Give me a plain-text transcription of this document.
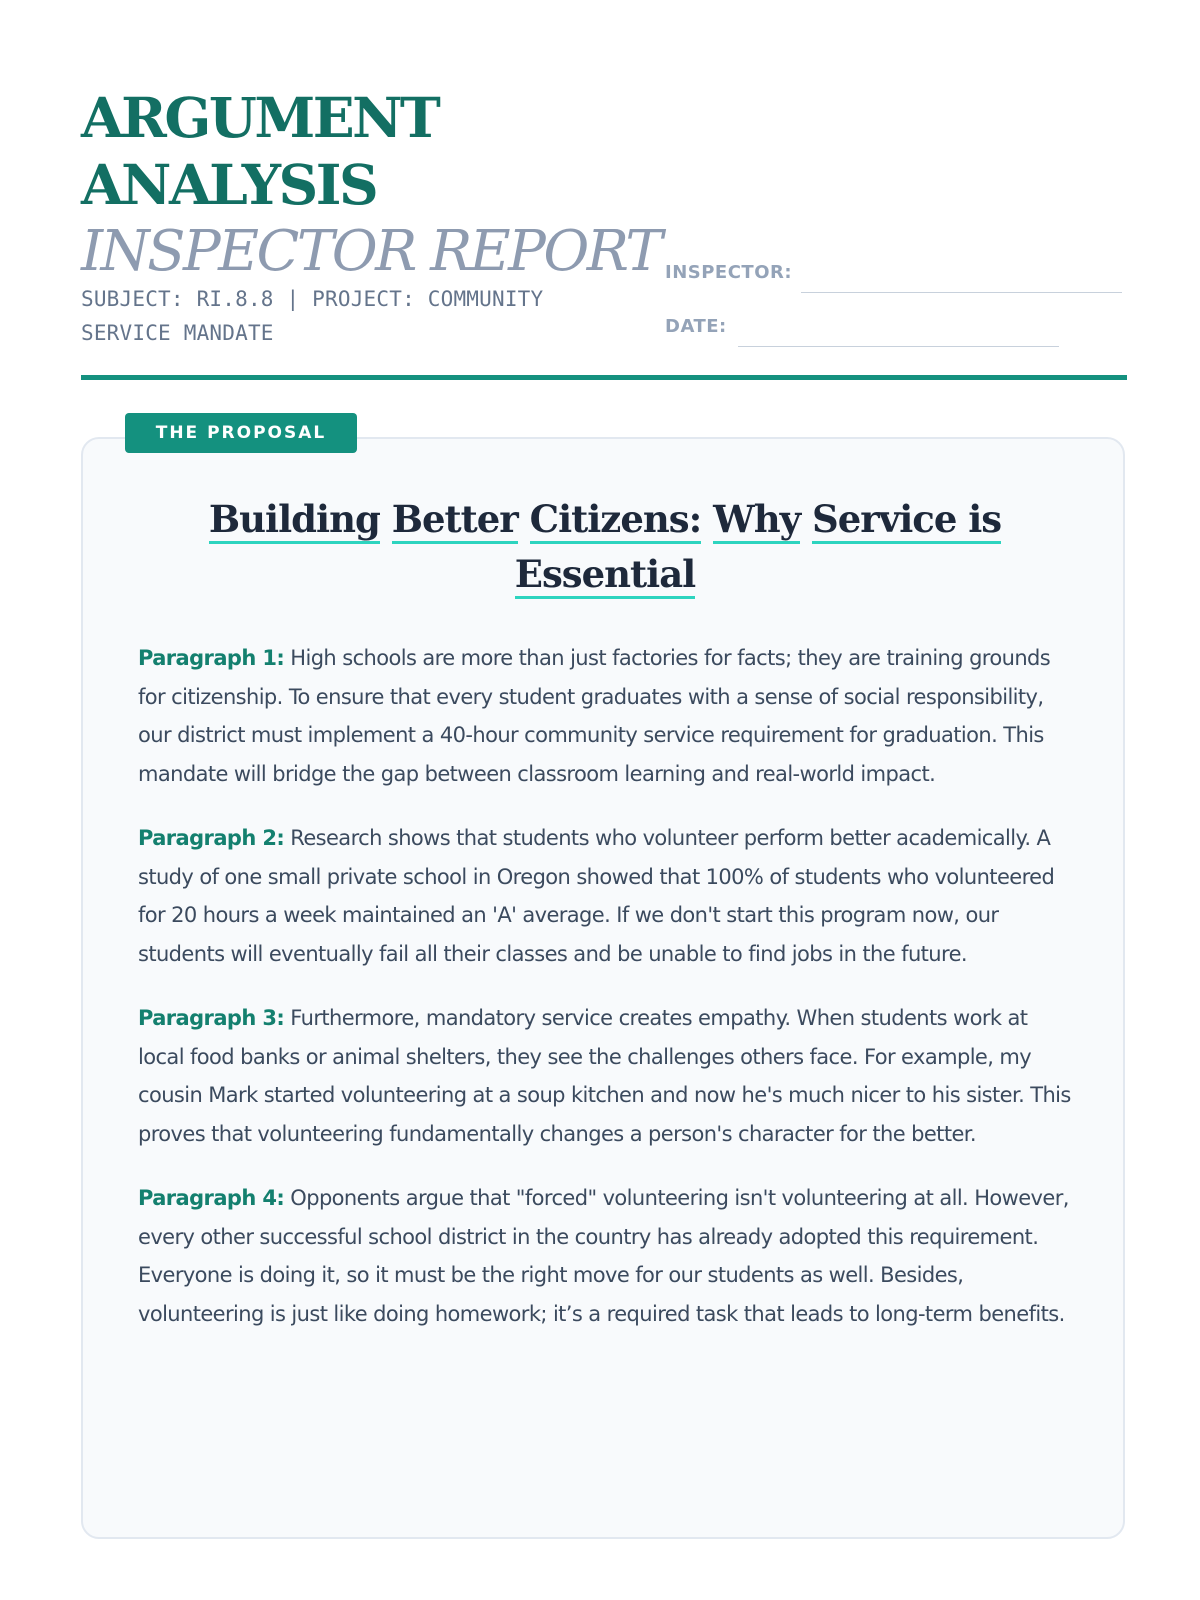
ARGUMENT
ANALYSIS
INSPECTOR REPORT
SUBJECT: RI.8.8 | PROJECT: COMMUNITY SERVICE MANDATE
INSPECTOR:
DATE:
THE PROPOSAL
Building Better Citizens: Why Service is
Essential

Paragraph 1: High schools are more than just factories for facts; they are training grounds for citizenship. To ensure that every student graduates with a sense of social responsibility, our district must implement a 40-hour community service requirement for graduation. This mandate will bridge the gap between classroom learning and real-world impact.

Paragraph 2: Research shows that students who volunteer perform better academically. A study of one small private school in Oregon showed that 100% of students who volunteered for 20 hours a week maintained an 'A' average. If we don't start this program now, our students will eventually fail all their classes and be unable to find jobs in the future.

Paragraph 3: Furthermore, mandatory service creates empathy. When students work at local food banks or animal shelters, they see the challenges others face. For example, my cousin Mark started volunteering at a soup kitchen and now he's much nicer to his sister. This proves that volunteering fundamentally changes a person's character for the better.

Paragraph 4: Opponents argue that "forced" volunteering isn't volunteering at all. However, every other successful school district in the country has already adopted this requirement. Everyone is doing it, so it must be the right move for our students as well. Besides, volunteering is just like doing homework; it’s a required task that leads to long-term benefits.
